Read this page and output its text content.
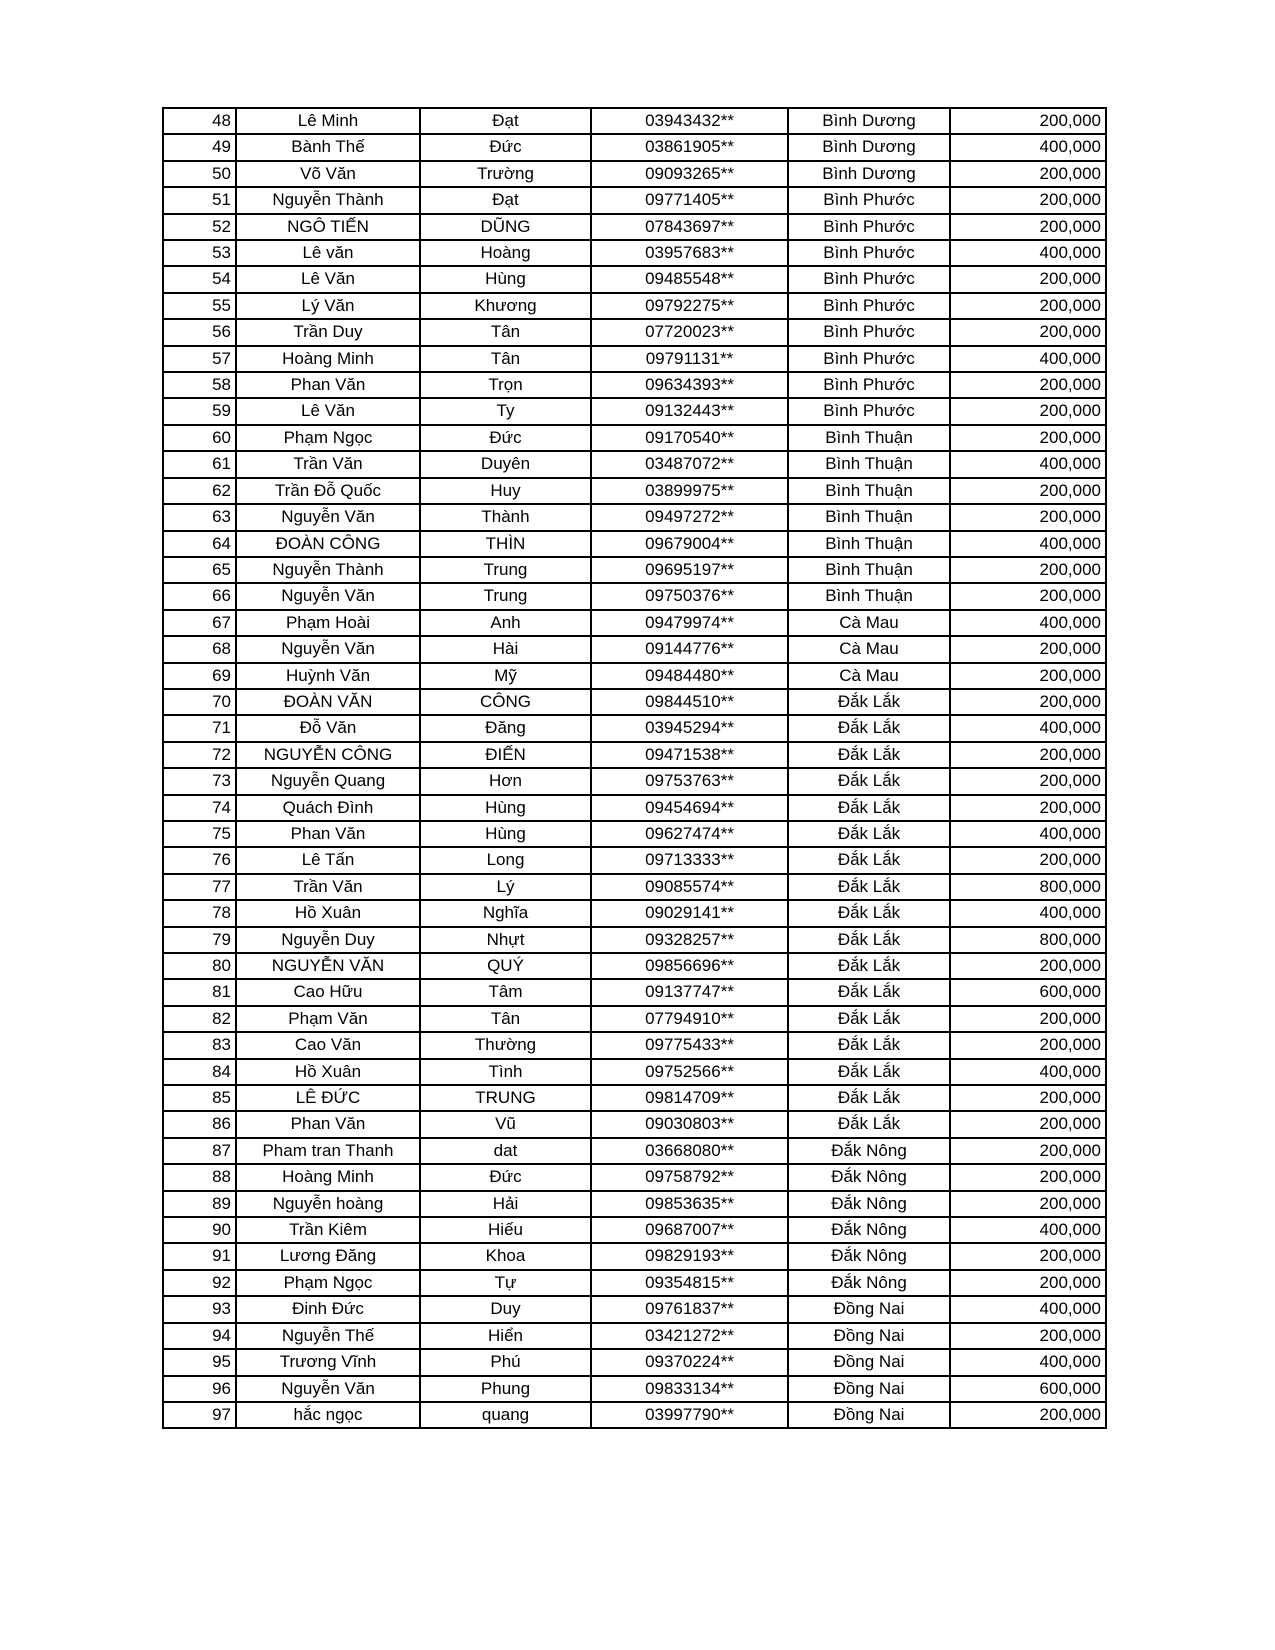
48	Lê Minh	Đạt	03943432**	Bình Dương	200,000
49	Bành Thế	Đức	03861905**	Bình Dương	400,000
50	Võ Văn	Trường	09093265**	Bình Dương	200,000
51	Nguyễn Thành	Đạt	09771405**	Bình Phước	200,000
52	NGÔ TIẾN	DŨNG	07843697**	Bình Phước	200,000
53	Lê văn	Hoàng	03957683**	Bình Phước	400,000
54	Lê Văn	Hùng	09485548**	Bình Phước	200,000
55	Lý Văn	Khương	09792275**	Bình Phước	200,000
56	Trần Duy	Tân	07720023**	Bình Phước	200,000
57	Hoàng Minh	Tân	09791131**	Bình Phước	400,000
58	Phan Văn	Trọn	09634393**	Bình Phước	200,000
59	Lê Văn	Ty	09132443**	Bình Phước	200,000
60	Phạm Ngọc	Đức	09170540**	Bình Thuận	200,000
61	Trần Văn	Duyên	03487072**	Bình Thuận	400,000
62	Trần Đỗ Quốc	Huy	03899975**	Bình Thuận	200,000
63	Nguyễn Văn	Thành	09497272**	Bình Thuận	200,000
64	ĐOÀN CÔNG	THÌN	09679004**	Bình Thuận	400,000
65	Nguyễn Thành	Trung	09695197**	Bình Thuận	200,000
66	Nguyễn Văn	Trung	09750376**	Bình Thuận	200,000
67	Phạm Hoài	Anh	09479974**	Cà Mau	400,000
68	Nguyễn Văn	Hài	09144776**	Cà Mau	200,000
69	Huỳnh Văn	Mỹ	09484480**	Cà Mau	200,000
70	ĐOÀN VĂN	CÔNG	09844510**	Đắk Lắk	200,000
71	Đỗ Văn	Đăng	03945294**	Đắk Lắk	400,000
72	NGUYỄN CÔNG	ĐIẾN	09471538**	Đắk Lắk	200,000
73	Nguyễn Quang	Hơn	09753763**	Đắk Lắk	200,000
74	Quách Đình	Hùng	09454694**	Đắk Lắk	200,000
75	Phan Văn	Hùng	09627474**	Đắk Lắk	400,000
76	Lê Tấn	Long	09713333**	Đắk Lắk	200,000
77	Trần Văn	Lý	09085574**	Đắk Lắk	800,000
78	Hồ Xuân	Nghĩa	09029141**	Đắk Lắk	400,000
79	Nguyễn Duy	Nhựt	09328257**	Đắk Lắk	800,000
80	NGUYỄN VĂN	QUÝ	09856696**	Đắk Lắk	200,000
81	Cao Hữu	Tâm	09137747**	Đắk Lắk	600,000
82	Phạm Văn	Tân	07794910**	Đắk Lắk	200,000
83	Cao Văn	Thường	09775433**	Đắk Lắk	200,000
84	Hồ Xuân	Tình	09752566**	Đắk Lắk	400,000
85	LÊ ĐỨC	TRUNG	09814709**	Đắk Lắk	200,000
86	Phan Văn	Vũ	09030803**	Đắk Lắk	200,000
87	Pham tran Thanh	dat	03668080**	Đắk Nông	200,000
88	Hoàng Minh	Đức	09758792**	Đắk Nông	200,000
89	Nguyễn hoàng	Hải	09853635**	Đắk Nông	200,000
90	Trần Kiêm	Hiếu	09687007**	Đắk Nông	400,000
91	Lương Đăng	Khoa	09829193**	Đắk Nông	200,000
92	Phạm Ngọc	Tự	09354815**	Đắk Nông	200,000
93	Đinh Đức	Duy	09761837**	Đồng Nai	400,000
94	Nguyễn Thế	Hiển	03421272**	Đồng Nai	200,000
95	Trương Vĩnh	Phú	09370224**	Đồng Nai	400,000
96	Nguyễn Văn	Phung	09833134**	Đồng Nai	600,000
97	hắc ngọc	quang	03997790**	Đồng Nai	200,000
